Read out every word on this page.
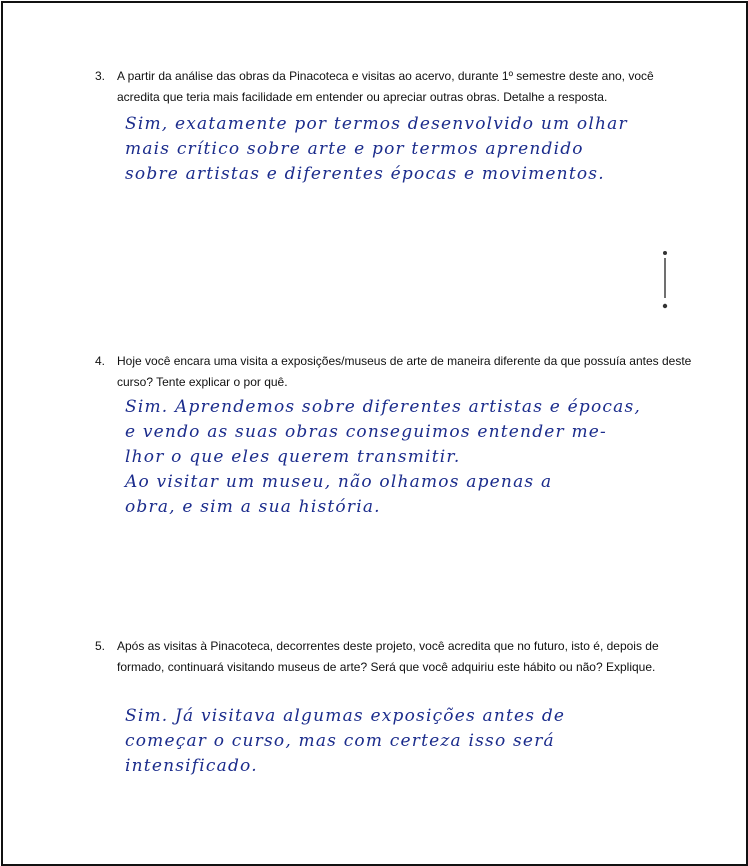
3. A partir da análise das obras da Pinacoteca e visitas ao acervo, durante 1º semestre deste ano, você acredita que teria mais facilidade em entender ou apreciar outras obras. Detalhe a resposta.
Sim, exatamente por termos desenvolvido um olhar
mais crítico sobre arte e por termos aprendido
sobre artistas e diferentes épocas e movimentos.
4. Hoje você encara uma visita a exposições/museus de arte de maneira diferente da que possuía antes deste curso? Tente explicar o por quê.
Sim. Aprendemos sobre diferentes artistas e épocas,
e vendo as suas obras conseguimos entender me-
lhor o que eles querem transmitir.
Ao visitar um museu, não olhamos apenas a
obra, e sim a sua história.
5. Após as visitas à Pinacoteca, decorrentes deste projeto, você acredita que no futuro, isto é, depois de formado, continuará visitando museus de arte? Será que você adquiriu este hábito ou não? Explique.
Sim. Já visitava algumas exposições antes de
começar o curso, mas com certeza isso será
intensificado.
